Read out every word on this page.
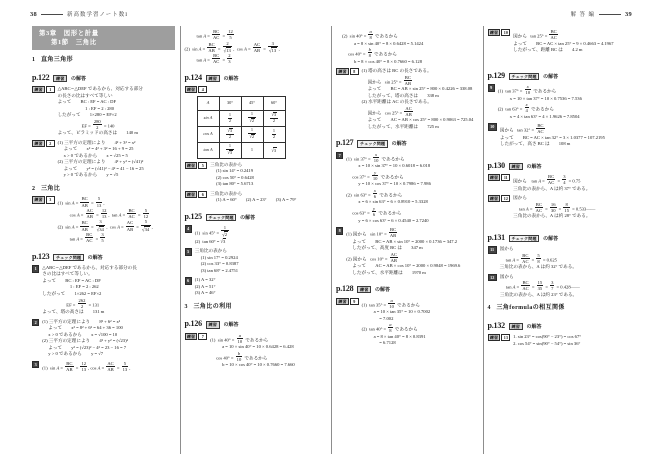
38	新高数学習ノート数I	解 答 編	39
第3章　図形と計量
第1節　三角比
1 直角三角形
p.122	練習	の解答
練習	1	△ABC∽△DEF であるから、対応する部分
の長さの比はすべて等しい
よって　　BC : EF = AC : DF
　　　　　　1 : EF = 2 : 280
したがって　　1×280 = EF×2
EF = $\frac{280}{2} = 140$
よって、ピラミッドの高さは　　140 m
練習	2	(1) 三平方の定理により　　4² + 3² = x²
よって　　x² = 4² + 3² = 16 + 9 = 25
x > 0 であるから　　x = √25 = 5
(2) 三平方の定理により　　4² + y² = (√41)²
よって　　y² = (√41)² − 4² = 41 − 16 = 25
y > 0 であるから　　y = √5
2 三角比
練習	3
(1)  $\sin A = \frac{BC}{AB} = \frac{5}{13}$ ,
$\cos A = \frac{AC}{AB} = \frac{12}{13}$ ,  $\tan A = \frac{BC}{AC} = \frac{5}{12}$
(2)  $\sin A = \frac{BC}{AB} = \frac{3}{√34}$ ,  $\cos A = \frac{AC}{AB} = \frac{5}{√34}$ ,
$\tan A = \frac{BC}{AC} = \frac{3}{5}$
p.123	チェック問題	の解答
1	△ABC∽△DEF であるから、対応する部分の長
さの比はすべて等しい。
よって　　BC : EF = AC : DF
　　　　　　1 : EF = 2 : 262
したがって　　1×262 = EF×2
EF = $\frac{262}{2} = 131$
よって、塔の高さは　　131 m
2	(1) 三平方の定理により　　8² + 6² = x²
よって　　x² = 8² + 6² = 64 + 36 = 100
x > 0 であるから　　x = √100 = 10
(2) 三平方の定理により　　4² + y² = (√23)²
よって　　y² = (√23)² − 4² = 23 − 16 = 7
y > 0 であるから　　y = √7
3
(1)  $\sin A = \frac{BC}{AB} = \frac{12}{13}$ , $\cos A = \frac{AC}{AB} = \frac{5}{13}$ ,
$\tan A = \frac{BC}{AC} = \frac{12}{5}$
(2)  $\sin A = \frac{BC}{AB} = \frac{2}{√13}$ ,  $\cos A = \frac{AC}{AB} = \frac{3}{√13}$ ,
$\tan A = \frac{BC}{AC} = \frac{2}{3}$
p.124	練習	の解答
練習	4
A	30°	45°	60°
sin A	$\frac{1}{2}$	$\frac{1}{√2}$	$\frac{√3}{2}$

cos A	$\frac{√3}{2}$	$\frac{1}{√2}$	$\frac{1}{2}$

tan A	$\frac{1}{√3}$	1	√3
練習	5	三角比の表から
(1) sin 14° = 0.2419
(2) cos 50° = 0.6428
(3) tan 80° = 5.6713
練習	6	三角比の表から
(1) A = 60°　　(2) A = 23°　　(3) A = 79°
p.125	チェック問題	の解答
4
(1)  $\sin 45^\circ = \frac{1}{√2}$
(2)  tan 60° = √3
5	三角比の表から
(1) sin 17° = 0.2924
(2) cos 33° = 0.8387
(3) tan 68° = 2.4751
6	(1) A = 32°
(2) A = 51°
(3) A = 46°
3 三角比の利用
p.126	練習	の解答
練習	7
(1)  $\sin 40^\circ = \frac{a}{10}$ であるから
a = 10 × sin 40° = 10 × 0.6428 = 6.428
$\cos 40^\circ = \frac{b}{10}$ であるから
b = 10 × cos 40° = 10 × 0.7660 = 7.660
(2)  $\sin 40^\circ = \frac{a}{8}$ であるから
a = 8 × sin 40° = 8 × 0.6428 = 5.1424
$\cos 40^\circ = \frac{b}{8}$ であるから
b = 8 × cos 40° = 8 × 0.7660 = 6.128
練習	8	(1) 塔の高さは BC の長さである。
図から   $\sin 25^\circ = \frac{BC}{AB}$
よって　　BC = AB × sin 25° = 800 × 0.4226 = 338.08
したがって、塔の高さは　　338 m
(2) 水平距離は AC の長さである。
図から   $\cos 25^\circ = \frac{AC}{AB}$
よって　　AC = AB × cos 25° = 800 × 0.9063 = 725.04
したがって、水平距離は　　725 m
p.127	チェック問題	の解答
7
(1)  $\sin 37^\circ = \frac{x}{10}$ であるから
x = 10 × sin 37° = 10 × 0.6018 = 6.018
$\cos 37^\circ = \frac{y}{10}$ であるから
y = 10 × cos 37° = 10 × 0.7986 = 7.986
(2)  $\sin 63^\circ = \frac{x}{6}$ であるから
x = 6 × sin 63° = 6 × 0.8910 = 5.3328
$\cos 63^\circ = \frac{y}{6}$ であるから
y = 6 × cos 63° = 6 × 0.4540 = 2.7240
8
(1) 図から   $\sin 10^\circ = \frac{BC}{AB}$
よって　　BC = AB × sin 10° = 2000 × 0.1736 = 347.2
したがって、高度 BC は　　347 m
(2) 図から   $\cos 10^\circ = \frac{AC}{AB}$
よって　　AC = AB × cos 10° = 2000 × 0.9848 = 1969.6
したがって、水平距離は　　1970 m
p.128	練習	の解答
練習	9
(1)  $\tan 35^\circ = \frac{a}{10}$ であるから
a = 10 × tan 35° = 10 × 0.7002
　 = 7.002
(2)  $\tan 40^\circ = \frac{a}{8}$ であるから
a = 8 × tan 40° = 8 × 0.8391
　 = 6.7128
練習	10
図から   $\tan 25^\circ = \frac{BC}{AC}$
よって　　BC = AC × tan 25° = 9 × 0.4663 = 4.1967
したがって、距離 BC は　　4.2 m
p.129	チェック問題	の解答
9
(1)  $\tan 37^\circ = \frac{x}{10}$ であるから
x = 10 × tan 37° = 10 × 0.7536 = 7.536
(2)  $\tan 63^\circ = \frac{x}{4}$ であるから
x = 4 × tan 63° = 4 × 1.9626 = 7.8504
10
図から   $\tan 32^\circ = \frac{BC}{AC}$
よって　　BC = AC × tan 32° = 3 × 1.0377 = 107.2195
したがって、高さ BC は　　108 m
p.130	練習	の解答
練習	11
図から    $\tan A = \frac{BC}{AC} = \frac{3}{4} = 0.75$
三角比の表から、A は約 37° である。
練習	12	図から
$\tan A = \frac{BC}{AC} = \frac{16}{30} = \frac{8}{15}$ = 0.533——
三角比の表から、A は約 28° である。
p.131	チェック問題	の解答
11	図から
$\tan A = \frac{BC}{AC} = \frac{5}{8} = 0.625$
三角比の表から、A は約 32° である。
12	図から
$\tan A = \frac{BC}{AC} = \frac{15}{35} = \frac{3}{7}$ = 0.428——
三角比の表から、A は約 23° である。
4 三角formulaの相互関係
p.132	練習	の解答
練習	13	1. sin 23° = cos(90° − 23°) = cos 67°
2. cos 54° = sin(90° − 54°) = sin 36°
